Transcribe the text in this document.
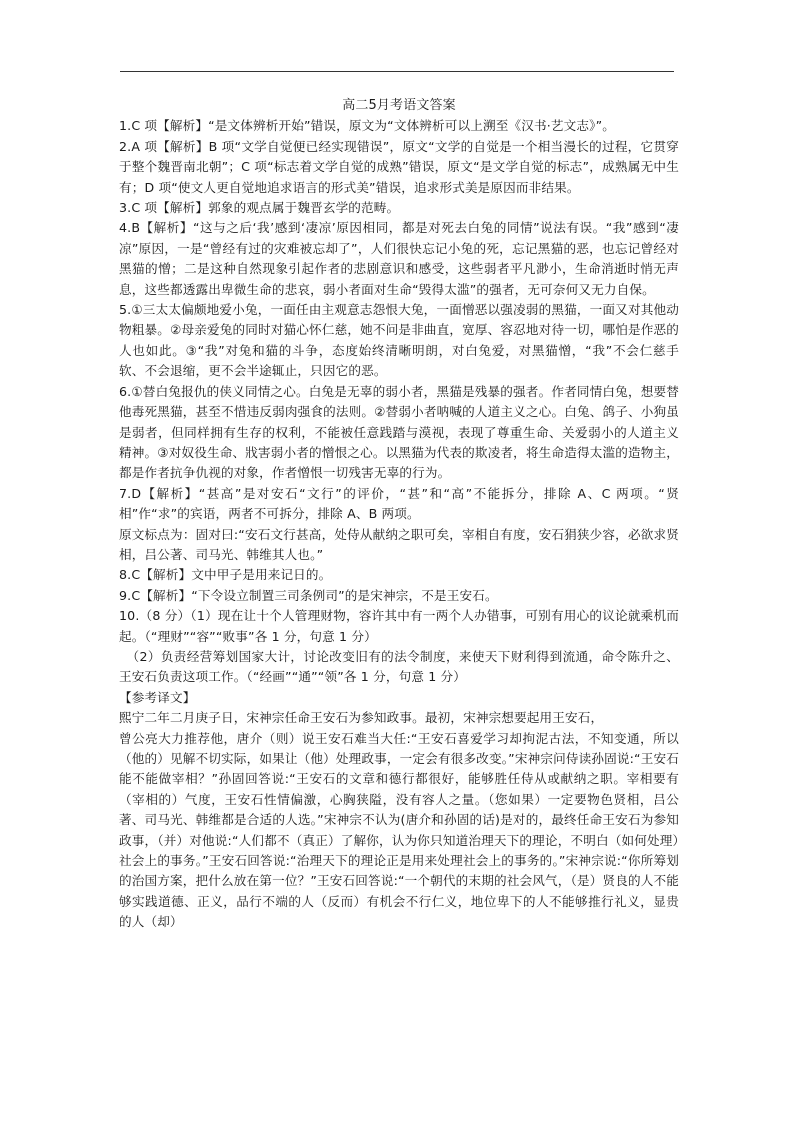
高二5月考语文答案

1.C 项【解析】“是文体辨析开始”错误，原文为“文体辨析可以上溯至《汉书·艺文志》”。

2.A 项【解析】B 项“文学自觉便已经实现错误”，原文“文学的自觉是一个相当漫长的过程，它贯穿于整个魏晋南北朝”；C 项“标志着文学自觉的成熟”错误，原文“是文学自觉的标志”，成熟属无中生有；D 项“使文人更自觉地追求语言的形式美”错误，追求形式美是原因而非结果。

3.C 项【解析】郭象的观点属于魏晋玄学的范畴。

4.B【解析】“这与之后‘我’感到‘凄凉’原因相同，都是对死去白兔的同情”说法有误。“我”感到“凄凉”原因，一是“曾经有过的灾难被忘却了”，人们很快忘记小兔的死，忘记黑猫的恶，也忘记曾经对黑猫的憎；二是这种自然现象引起作者的悲剧意识和感受，这些弱者平凡渺小，生命消逝时悄无声息，这些都透露出卑微生命的悲哀，弱小者面对生命“毁得太滥”的强者，无可奈何又无力自保。

5.①三太太偏颇地爱小兔，一面任由主观意志怨恨大兔，一面憎恶以强凌弱的黑猫，一面又对其他动物粗暴。②母亲爱兔的同时对猫心怀仁慈，她不问是非曲直，宽厚、容忍地对待一切，哪怕是作恶的人也如此。③“我”对兔和猫的斗争，态度始终清晰明朗，对白兔爱，对黑猫憎，“我”不会仁慈手软、不会退缩，更不会半途辄止，只因它的恶。

6.①替白兔报仇的侠义同情之心。白兔是无辜的弱小者，黑猫是残暴的强者。作者同情白兔，想要替他毒死黑猫，甚至不惜违反弱肉强食的法则。②替弱小者呐喊的人道主义之心。白兔、鸽子、小狗虽是弱者，但同样拥有生存的权利，不能被任意践踏与漠视，表现了尊重生命、关爱弱小的人道主义精神。③对奴役生命、戕害弱小者的憎恨之心。以黑猫为代表的欺凌者，将生命造得太滥的造物主，都是作者抗争仇视的对象，作者憎恨一切残害无辜的行为。

7.D【解析】“甚高”是对安石“文行”的评价，“甚”和“高”不能拆分，排除 A、C 两项。“贤相”作“求”的宾语，两者不可拆分，排除 A、B 两项。

原文标点为：固对曰:“安石文行甚高，处侍从献纳之职可矣，宰相自有度，安石狷狭少容，必欲求贤相，吕公著、司马光、韩维其人也。”

8.C【解析】文中甲子是用来记日的。

9.C【解析】“下令设立制置三司条例司”的是宋神宗，不是王安石。

10.（8 分）（1）现在让十个人管理财物，容许其中有一两个人办错事，可别有用心的议论就乘机而起。（“理财”“容”“败事”各 1 分，句意 1 分）

（2）负责经营筹划国家大计，讨论改变旧有的法令制度，来使天下财利得到流通，命令陈升之、王安石负责这项工作。（“经画”“通”“领”各 1 分，句意 1 分）

【参考译文】

熙宁二年二月庚子日，宋神宗任命王安石为参知政事。最初，宋神宗想要起用王安石，

曾公亮大力推荐他，唐介（则）说王安石难当大任:“王安石喜爱学习却拘泥古法，不知变通，所以（他的）见解不切实际，如果让（他）处理政事，一定会有很多改变。”宋神宗问侍读孙固说:“王安石能不能做宰相？”孙固回答说:“王安石的文章和德行都很好，能够胜任侍从或献纳之职。宰相要有（宰相的）气度，王安石性情偏激，心胸狭隘，没有容人之量。（您如果）一定要物色贤相，吕公著、司马光、韩维都是合适的人选。”宋神宗不认为(唐介和孙固的话)是对的，最终任命王安石为参知政事，（并）对他说:“人们都不（真正）了解你，认为你只知道治理天下的理论，不明白（如何处理）社会上的事务。”王安石回答说:“治理天下的理论正是用来处理社会上的事务的。”宋神宗说:“你所筹划的治国方案，把什么放在第一位？”王安石回答说:“一个朝代的末期的社会风气，（是）贤良的人不能够实践道德、正义，品行不端的人（反而）有机会不行仁义，地位卑下的人不能够推行礼义，显贵的人（却）
